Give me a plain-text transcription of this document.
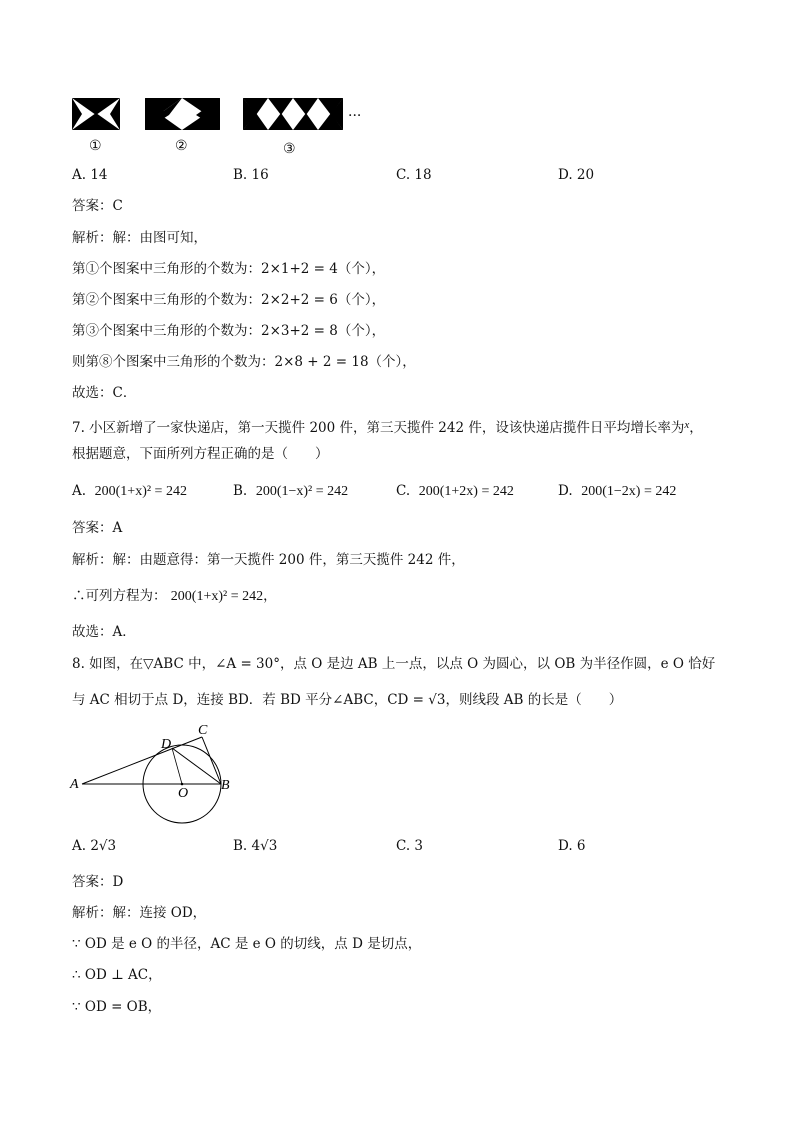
···
①	②	③
A. 14	B. 16	C. 18	D. 20
答案：C
解析：解：由图可知，
第①个图案中三角形的个数为：2×1+2 = 4（个），
第②个图案中三角形的个数为：2×2+2 = 6（个），
第③个图案中三角形的个数为：2×3+2 = 8（个），
则第⑧个图案中三角形的个数为：2×8 + 2 = 18（个），
故选：C．
7. 小区新增了一家快递店，第一天揽件 200 件，第三天揽件 242 件，设该快递店揽件日平均增长率为$^x$，
根据题意，下面所列方程正确的是（　　）
A. 200(1+x)² = 242	B. 200(1−x)² = 242	C. 200(1+2x) = 242	D. 200(1−2x) = 242
答案：A
解析：解：由题意得：第一天揽件 200 件，第三天揽件 242 件，
∴可列方程为： 200(1+x)² = 242，
故选：A．
8. 如图，在▽ABC 中，∠A = 30°，点 O 是边 AB 上一点，以点 O 为圆心，以 OB 为半径作圆，e O 恰好
与 AC 相切于点 D，连接 BD．若 BD 平分∠ABC，CD = √3，则线段 AB 的长是（　　）
A	B
C
D
O
A. 2√3	B. 4√3	C. 3	D. 6
答案：D
解析：解：连接 OD，
∵ OD 是 e O 的半径，AC 是 e O 的切线，点 D 是切点，
∴ OD ⊥ AC，
∵ OD = OB，
